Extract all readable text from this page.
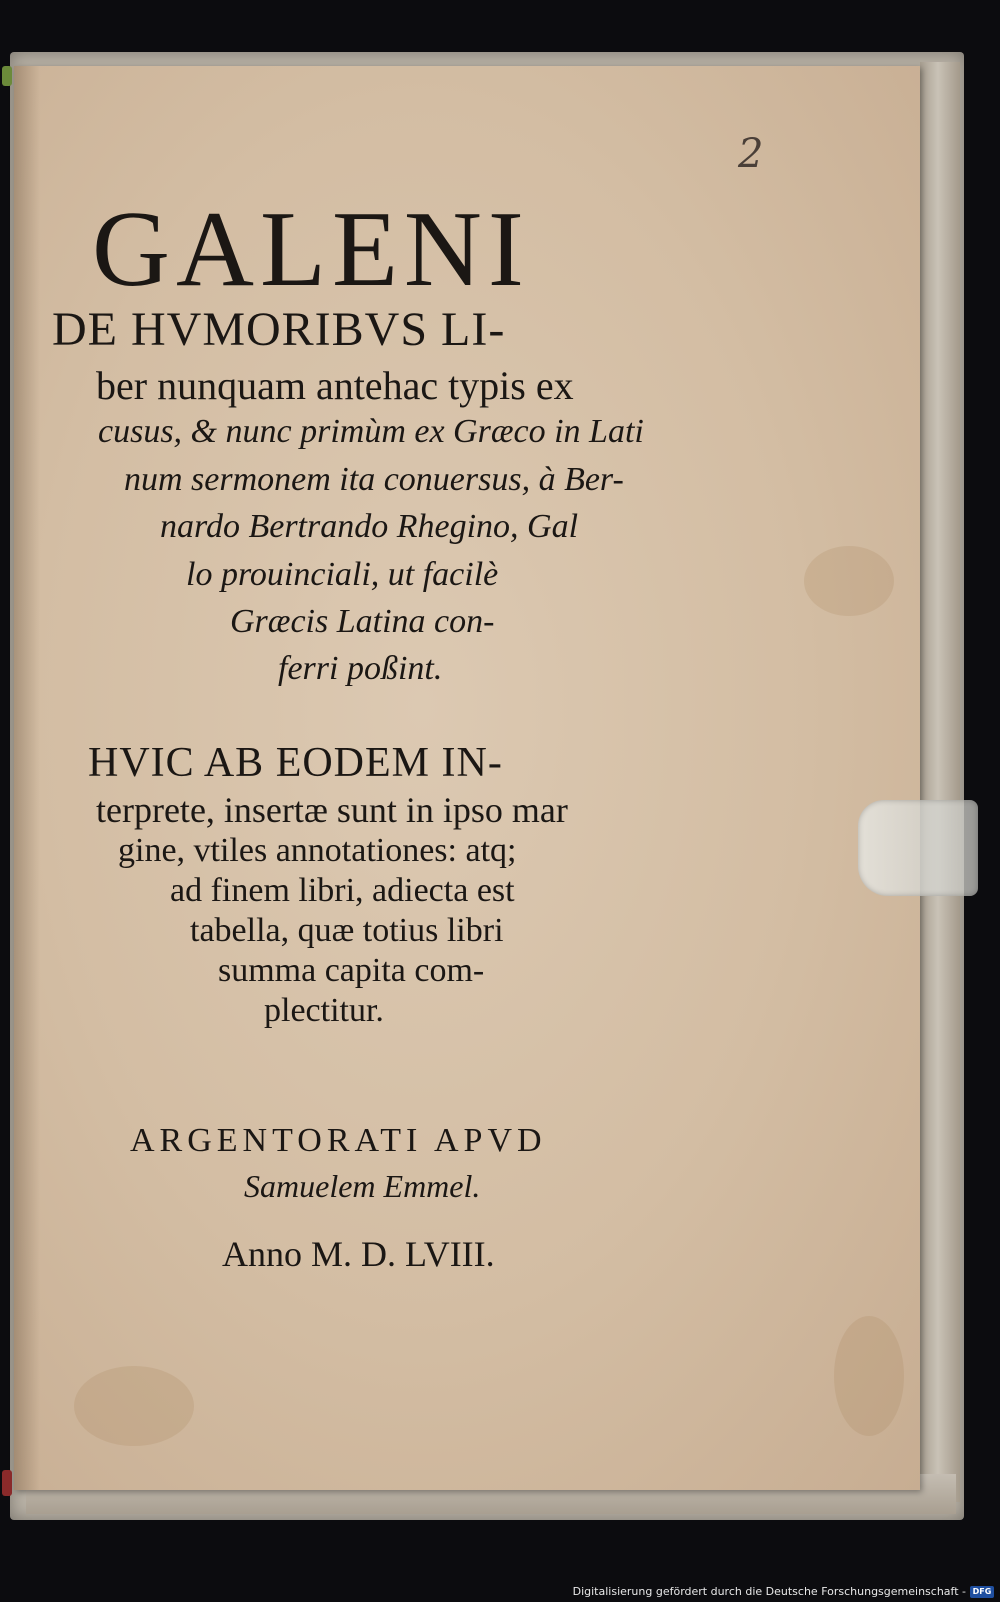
2
GALENI
DE HVMORIBVS LI-
ber nunquam antehac typis ex
cusus, & nunc primùm ex Græco in Lati
num sermonem ita conuersus, à Ber-
nardo Bertrando Rhegino, Gal
lo prouinciali, ut facilè
Græcis Latina con-
ferri poßint.
HVIC AB EODEM IN-
terprete, insertæ sunt in ipso mar
gine, vtiles annotationes: atq;
ad finem libri, adiecta est
tabella, quæ totius libri
summa capita com-
plectitur.
ARGENTORATI APVD
Samuelem Emmel.
Anno M. D. LVIII.
Digitalisierung gefördert durch die Deutsche Forschungsgemeinschaft - DFG
